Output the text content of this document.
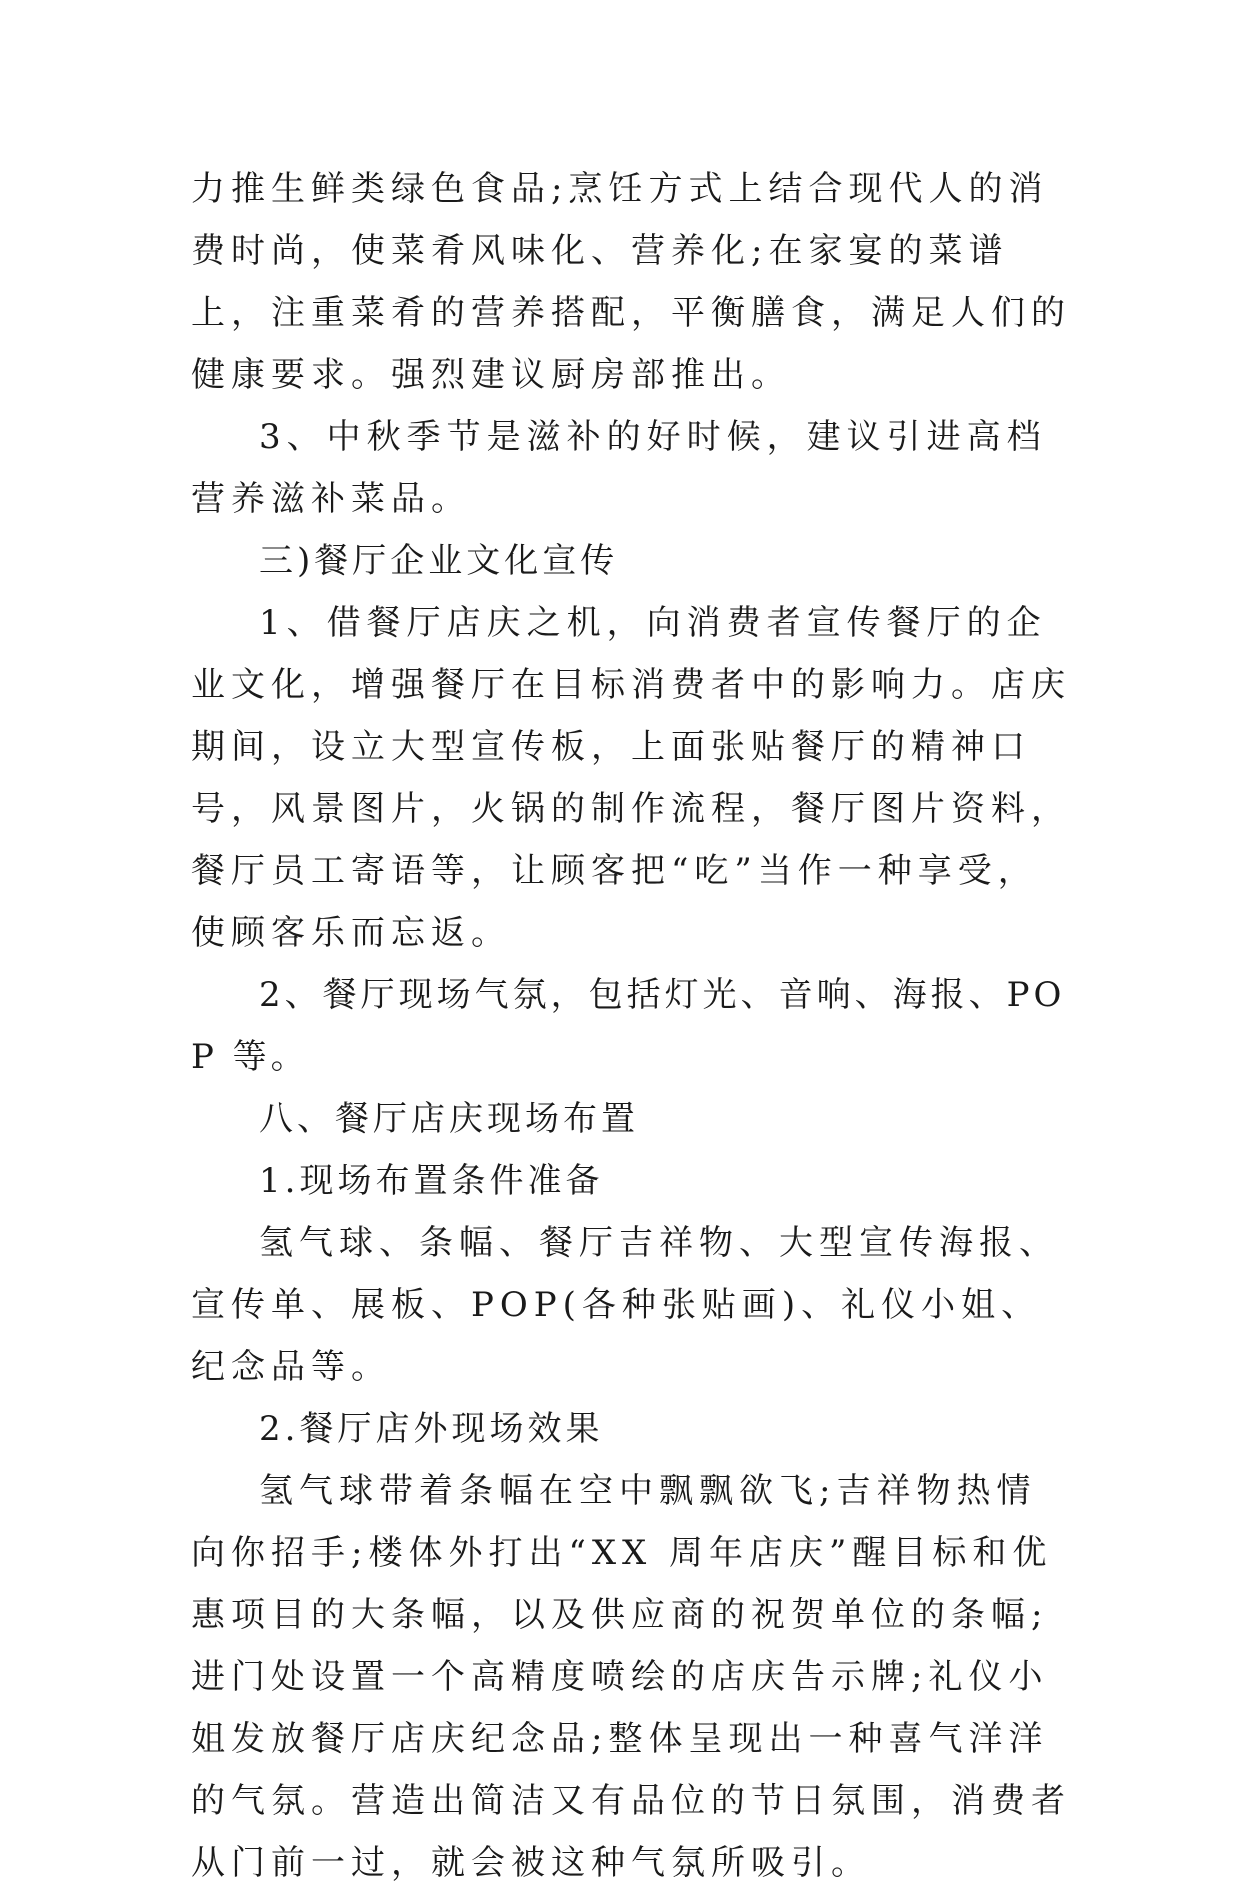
力推生鲜类绿色食品;烹饪方式上结合现代人的消费时尚，使菜肴风味化、营养化;在家宴的菜谱上，注重菜肴的营养搭配，平衡膳食，满足人们的健康要求。强烈建议厨房部推出。

3、中秋季节是滋补的好时候，建议引进高档营养滋补菜品。

三)餐厅企业文化宣传

1、借餐厅店庆之机，向消费者宣传餐厅的企业文化，增强餐厅在目标消费者中的影响力。店庆期间，设立大型宣传板，上面张贴餐厅的精神口号，风景图片，火锅的制作流程，餐厅图片资料，餐厅员工寄语等，让顾客把“吃”当作一种享受，使顾客乐而忘返。

2、餐厅现场气氛，包括灯光、音响、海报、POP 等。

八、餐厅店庆现场布置

1.现场布置条件准备

氢气球、条幅、餐厅吉祥物、大型宣传海报、宣传单、展板、POP(各种张贴画)、礼仪小姐、纪念品等。

2.餐厅店外现场效果

氢气球带着条幅在空中飘飘欲飞;吉祥物热情向你招手;楼体外打出“XX 周年店庆”醒目标和优惠项目的大条幅，以及供应商的祝贺单位的条幅;进门处设置一个高精度喷绘的店庆告示牌;礼仪小姐发放餐厅店庆纪念品;整体呈现出一种喜气洋洋的气氛。营造出简洁又有品位的节日氛围，消费者从门前一过，就会被这种气氛所吸引。
